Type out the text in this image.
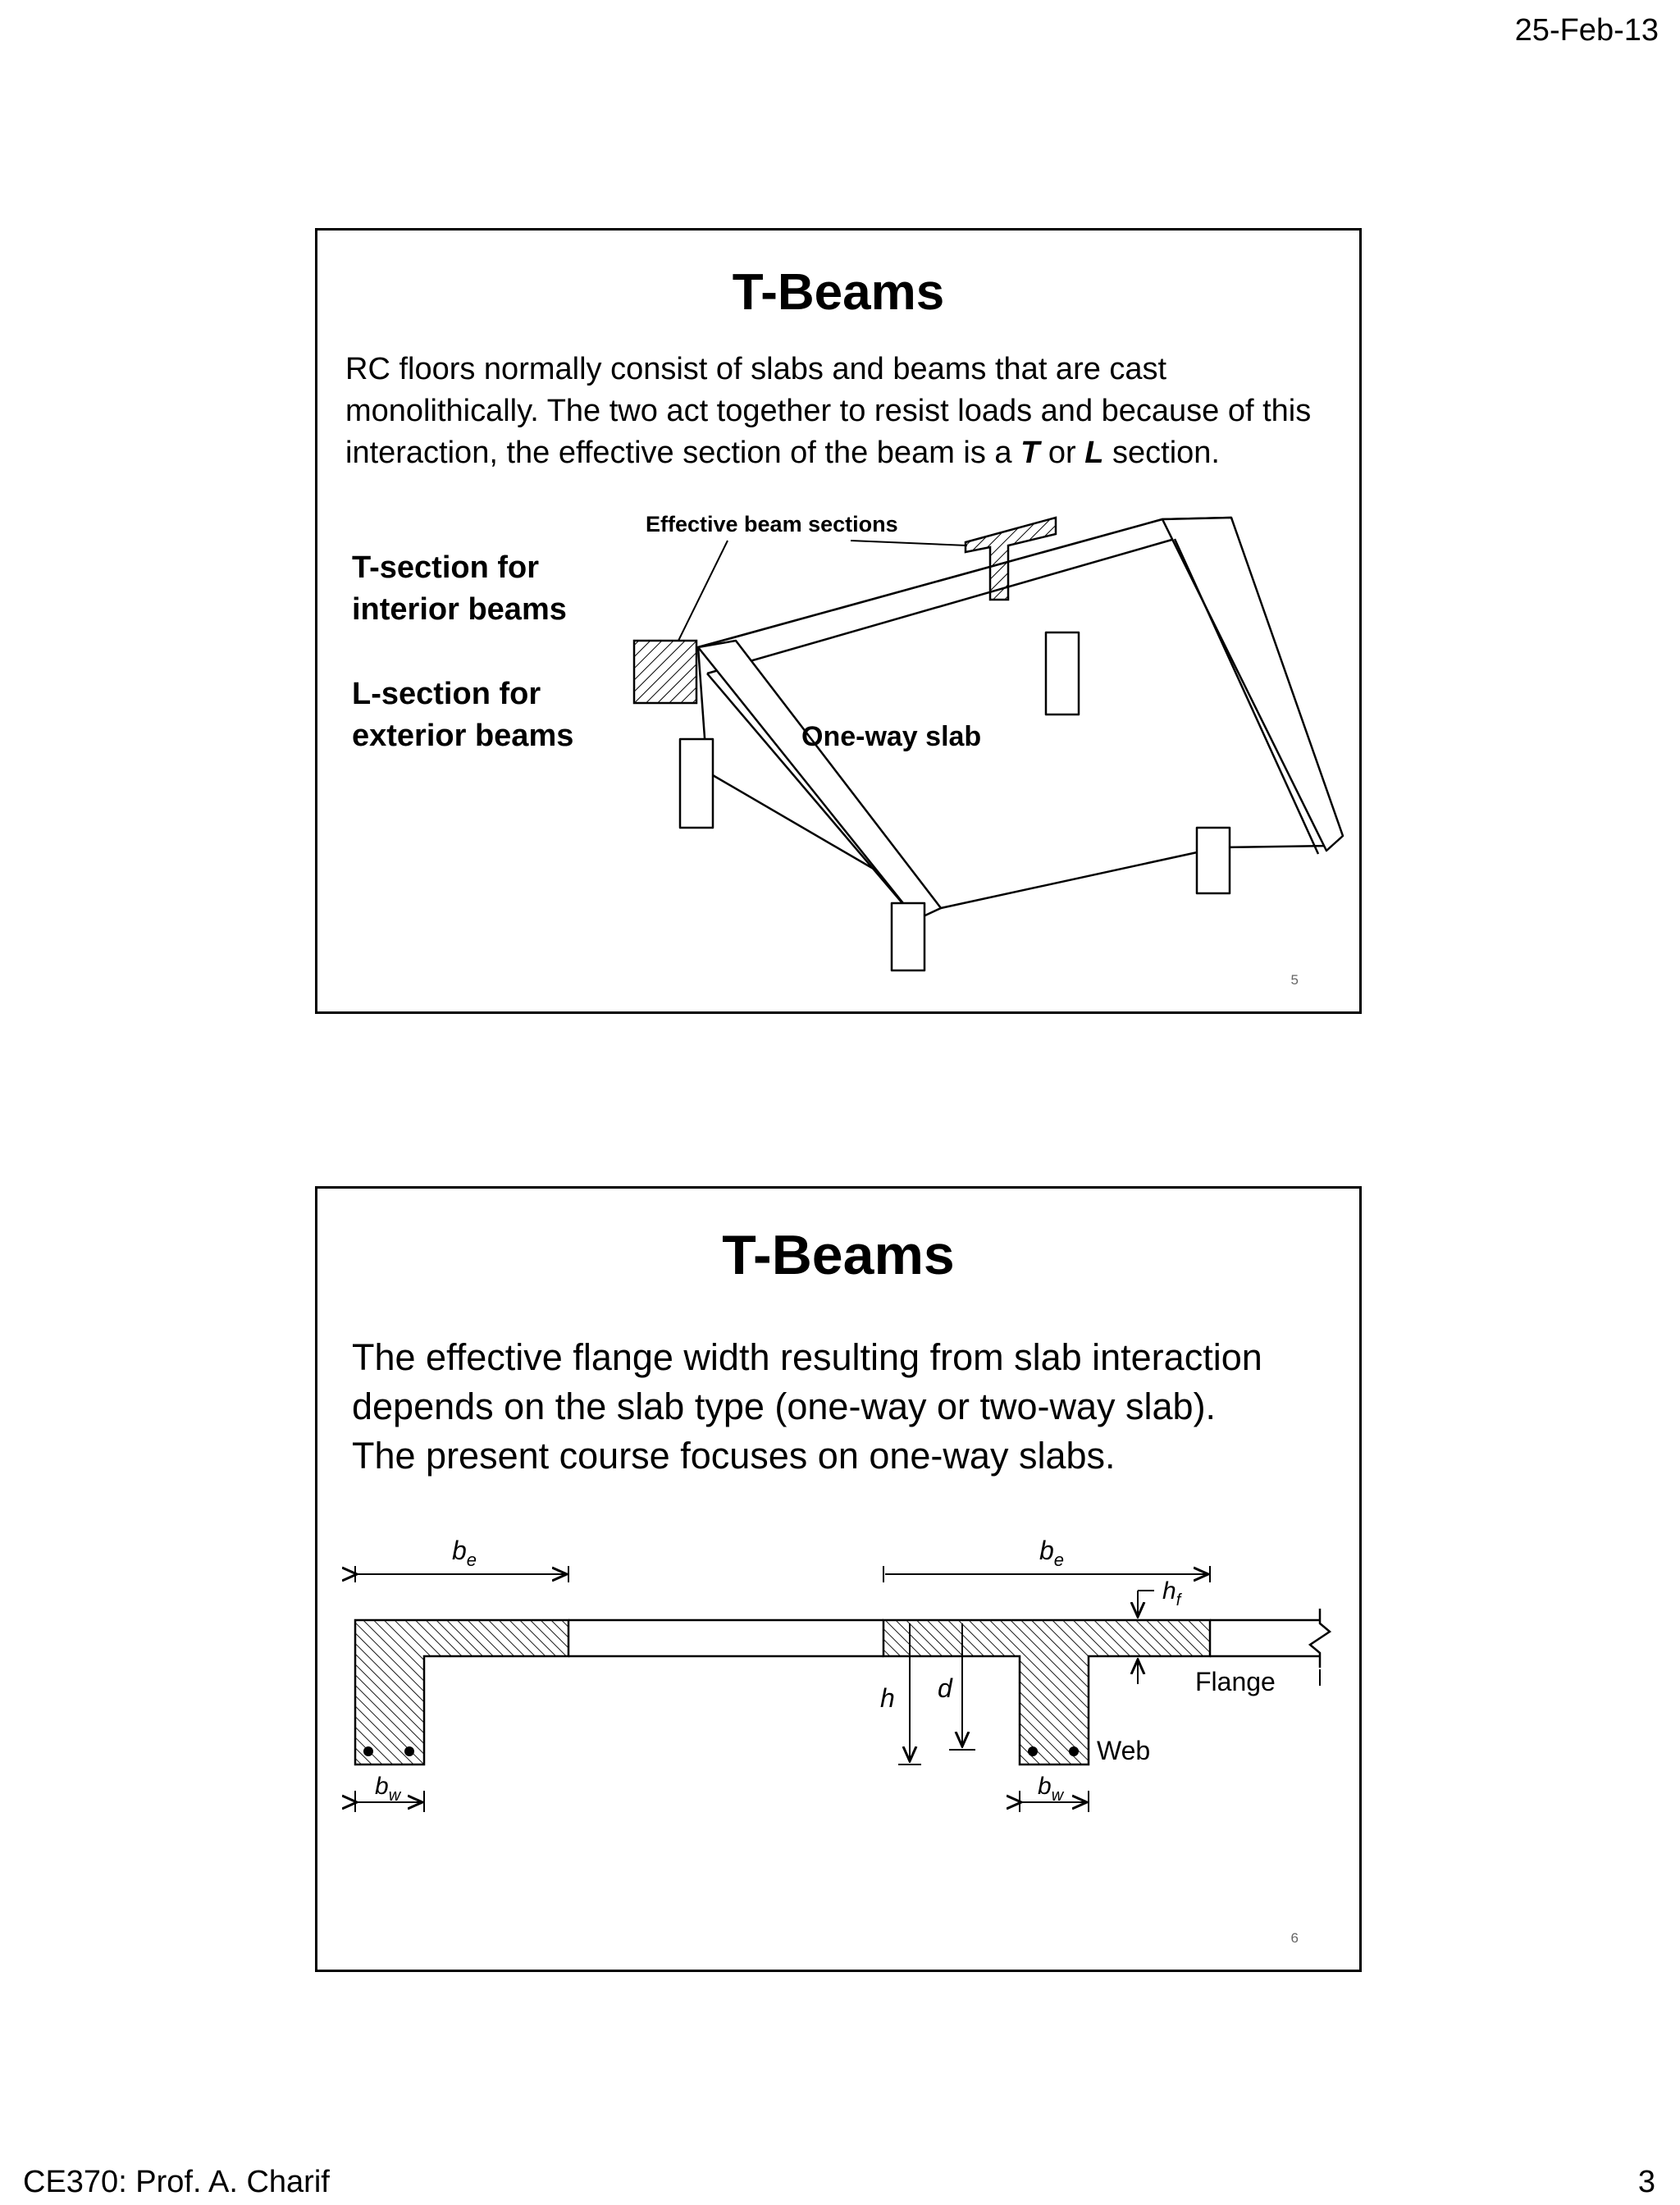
25-Feb-13
T-Beams
RC floors normally consist of slabs and beams that are cast monolithically. The two act together to resist loads and because of this interaction, the effective section of the beam is a T or L section.
T-section for
interior beams
L-section for
exterior beams
Effective beam sections
One-way slab
5
T-Beams
The effective flange width resulting from slab interaction
depends on the slab type (one-way or two-way slab).
The present course focuses on one-way slabs.
$b_e$	$b_e$
$h_f$
h d	Flange
Web
$b_w$	$b_w$
6
CE370: Prof. A. Charif	3
